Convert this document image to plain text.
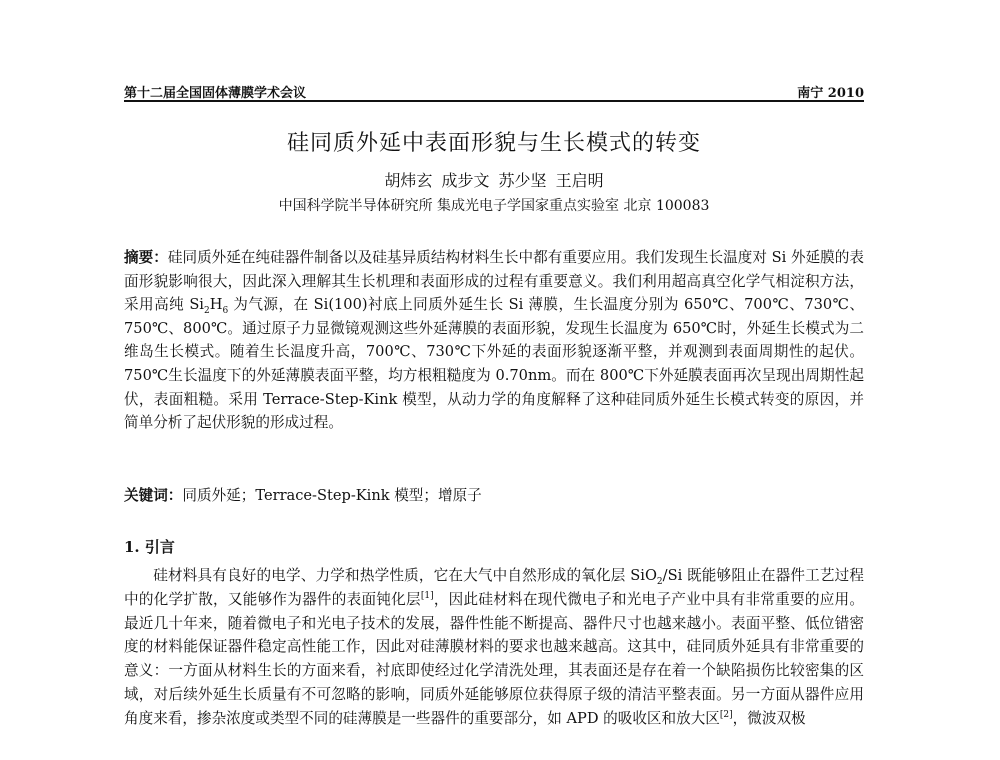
第十二届全国固体薄膜学术会议	南宁 2010
硅同质外延中表面形貌与生长模式的转变
胡炜玄 成步文 苏少坚 王启明
中国科学院半导体研究所 集成光电子学国家重点实验室 北京 100083
摘要：硅同质外延在纯硅器件制备以及硅基异质结构材料生长中都有重要应用。我们发现生长温度对 Si 外延膜的表面形貌影响很大，因此深入理解其生长机理和表面形成的过程有重要意义。我们利用超高真空化学气相淀积方法，采用高纯 $Si_2H_6$ 为气源，在 Si(100)衬底上同质外延生长 Si 薄膜，生长温度分别为 650℃、700℃、730℃、750℃、800℃。通过原子力显微镜观测这些外延薄膜的表面形貌，发现生长温度为 650℃时，外延生长模式为二维岛生长模式。随着生长温度升高，700℃、730℃下外延的表面形貌逐渐平整，并观测到表面周期性的起伏。750℃生长温度下的外延薄膜表面平整，均方根粗糙度为 0.70nm。而在 800℃下外延膜表面再次呈现出周期性起伏，表面粗糙。采用 Terrace-Step-Kink 模型，从动力学的角度解释了这种硅同质外延生长模式转变的原因，并简单分析了起伏形貌的形成过程。
关键词：同质外延；Terrace-Step-Kink 模型；增原子
1. 引言
硅材料具有良好的电学、力学和热学性质，它在大气中自然形成的氧化层 SiO$_2$/Si 既能够阻止在器件工艺过程中的化学扩散，又能够作为器件的表面钝化层[1]，因此硅材料在现代微电子和光电子产业中具有非常重要的应用。最近几十年来，随着微电子和光电子技术的发展，器件性能不断提高、器件尺寸也越来越小。表面平整、低位错密度的材料能保证器件稳定高性能工作，因此对硅薄膜材料的要求也越来越高。这其中，硅同质外延具有非常重要的意义：一方面从材料生长的方面来看，衬底即使经过化学清洗处理，其表面还是存在着一个缺陷损伤比较密集的区域，对后续外延生长质量有不可忽略的影响，同质外延能够原位获得原子级的清洁平整表面。另一方面从器件应用角度来看，掺杂浓度或类型不同的硅薄膜是一些器件的重要部分，如 APD 的吸收区和放大区[2]，微波双极
